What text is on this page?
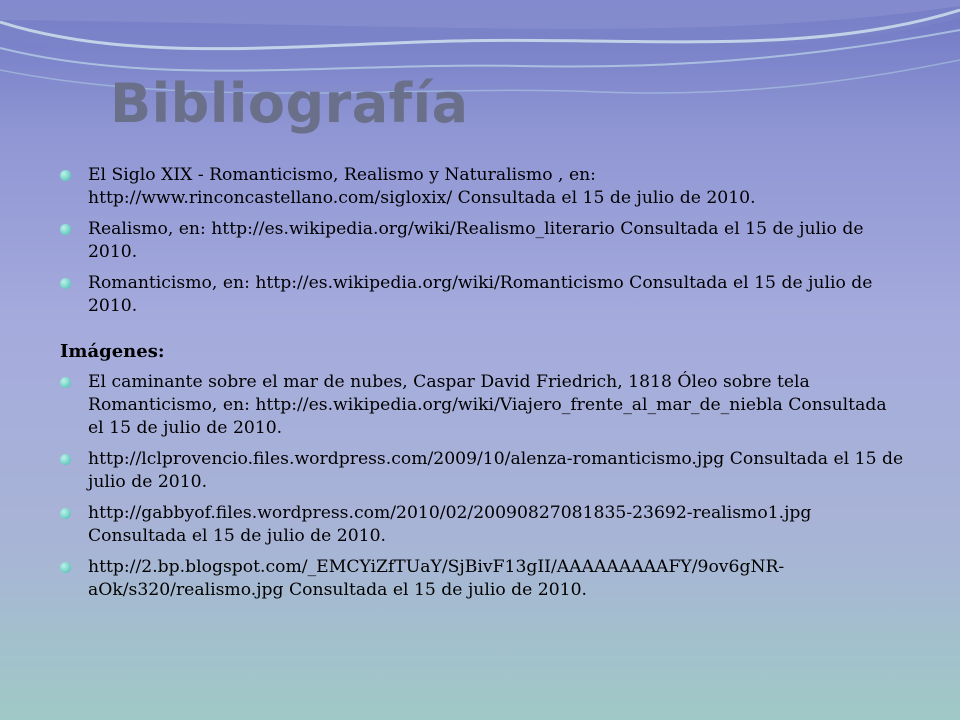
Bibliografía
El Siglo XIX - Romanticismo, Realismo y Naturalismo , en: http://www.rinconcastellano.com/sigloxix/ Consultada el 15 de julio de 2010.
Realismo, en: http://es.wikipedia.org/wiki/Realismo_literario Consultada el 15 de julio de 2010.
Romanticismo, en: http://es.wikipedia.org/wiki/Romanticismo Consultada el 15 de julio de 2010.
Imágenes:
El caminante sobre el mar de nubes, Caspar David Friedrich, 1818 Óleo sobre tela Romanticismo, en: http://es.wikipedia.org/wiki/Viajero_frente_al_mar_de_niebla Consultada el 15 de julio de 2010.
http://lclprovencio.files.wordpress.com/2009/10/alenza-romanticismo.jpg Consultada el 15 de julio de 2010.
http://gabbyof.files.wordpress.com/2010/02/20090827081835-23692-realismo1.jpg Consultada el 15 de julio de 2010.
http://2.bp.blogspot.com/_EMCYiZfTUaY/SjBivF13gII/AAAAAAAAAFY/9ov6gNR-aOk/s320/realismo.jpg Consultada el 15 de julio de 2010.
